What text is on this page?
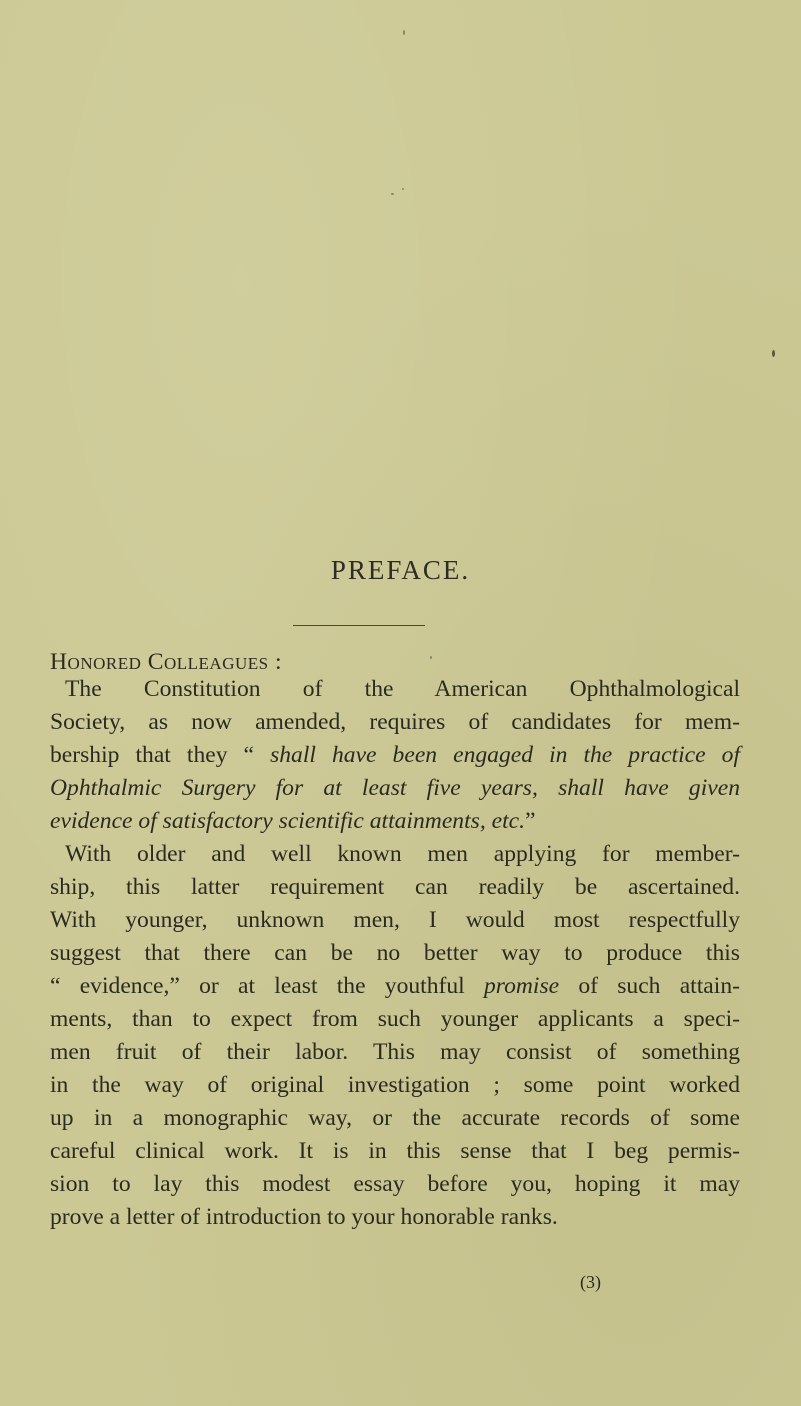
PREFACE.
Honored Colleagues :
The Constitution of the American Ophthalmological
Society, as now amended, requires of candidates for mem-
bership that they “ shall have been engaged in the practice of
Ophthalmic Surgery for at least five years, shall have given
evidence of satisfactory scientific attainments, etc.”
With older and well known men applying for member-
ship, this latter requirement can readily be ascertained.
With younger, unknown men, I would most respectfully
suggest that there can be no better way to produce this
“ evidence,” or at least the youthful promise of such attain-
ments, than to expect from such younger applicants a speci-
men fruit of their labor. This may consist of something
in the way of original investigation ; some point worked
up in a monographic way, or the accurate records of some
careful clinical work. It is in this sense that I beg permis-
sion to lay this modest essay before you, hoping it may
prove a letter of introduction to your honorable ranks.
(3)
